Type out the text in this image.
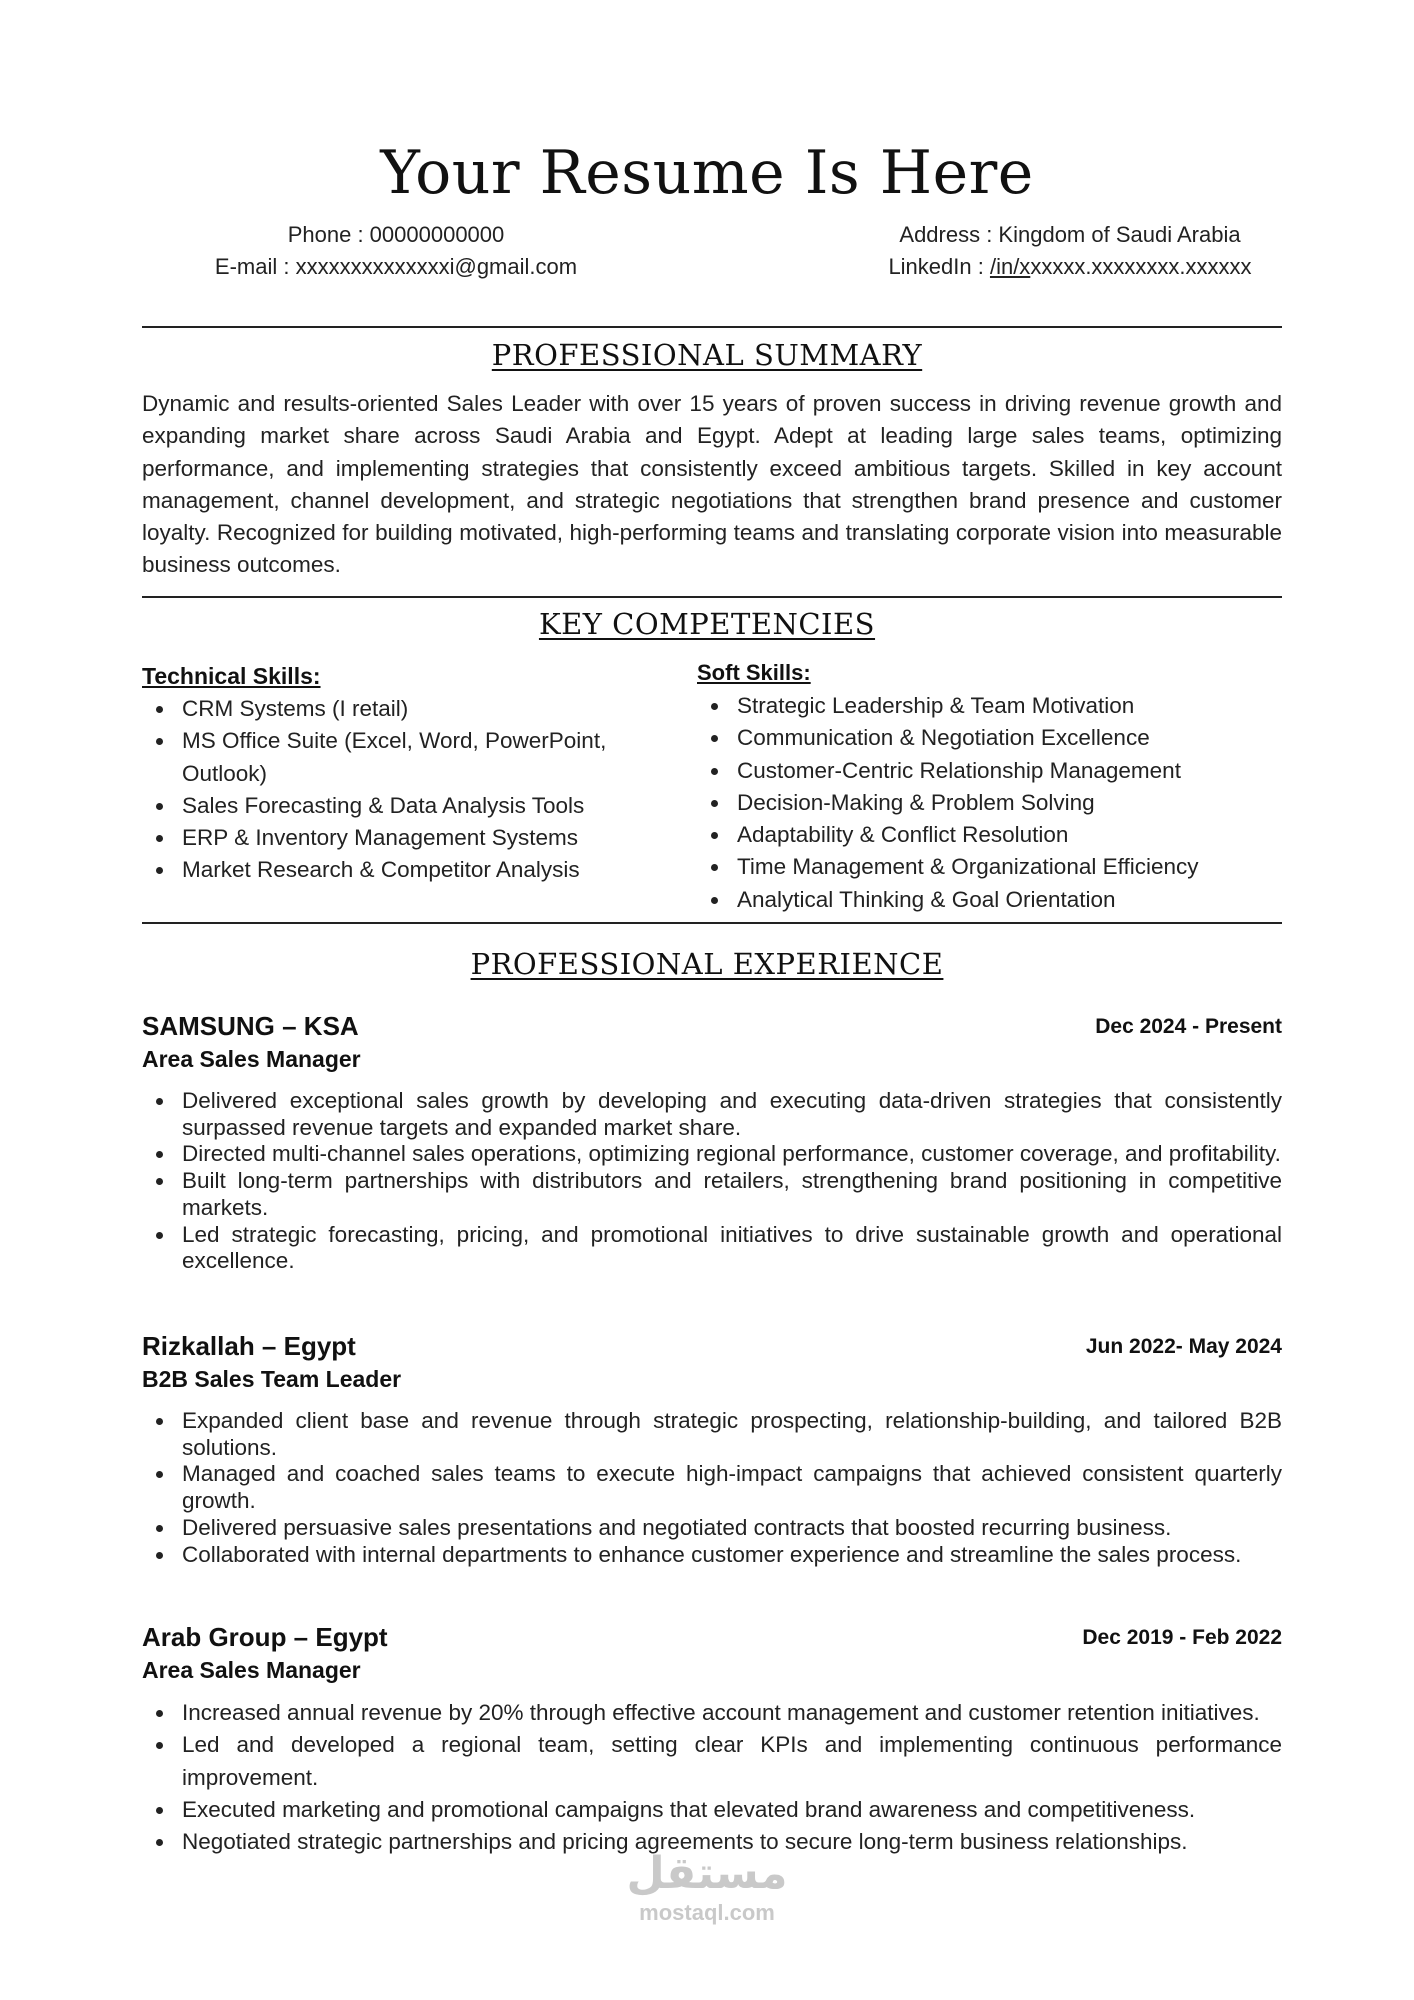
Your Resume Is Here
Phone : 00000000000
E-mail : xxxxxxxxxxxxxxi@gmail.com
Address : Kingdom of Saudi Arabia
LinkedIn : /in/xxxxxx.xxxxxxxx.xxxxxx
PROFESSIONAL SUMMARY

Dynamic and results-oriented Sales Leader with over 15 years of proven success in driving revenue growth and expanding market share across Saudi Arabia and Egypt. Adept at leading large sales teams, optimizing performance, and implementing strategies that consistently exceed ambitious targets. Skilled in key account management, channel development, and strategic negotiations that strengthen brand presence and customer loyalty. Recognized for building motivated, high-performing teams and translating corporate vision into measurable business outcomes.

KEY COMPETENCIES
Technical Skills:
CRM Systems (I retail)
MS Office Suite (Excel, Word, PowerPoint, Outlook)
Sales Forecasting & Data Analysis Tools
ERP & Inventory Management Systems
Market Research & Competitor Analysis
Soft Skills:
Strategic Leadership & Team Motivation
Communication & Negotiation Excellence
Customer-Centric Relationship Management
Decision-Making & Problem Solving
Adaptability & Conflict Resolution
Time Management & Organizational Efficiency
Analytical Thinking & Goal Orientation
PROFESSIONAL EXPERIENCE
SAMSUNG – KSA	Dec 2024 - Present
Area Sales Manager
Delivered exceptional sales growth by developing and executing data-driven strategies that consistently surpassed revenue targets and expanded market share.
Directed multi-channel sales operations, optimizing regional performance, customer coverage, and profitability.
Built long-term partnerships with distributors and retailers, strengthening brand positioning in competitive markets.
Led strategic forecasting, pricing, and promotional initiatives to drive sustainable growth and operational excellence.
Rizkallah – Egypt	Jun 2022- May 2024
B2B Sales Team Leader
Expanded client base and revenue through strategic prospecting, relationship-building, and tailored B2B solutions.
Managed and coached sales teams to execute high-impact campaigns that achieved consistent quarterly growth.
Delivered persuasive sales presentations and negotiated contracts that boosted recurring business.
Collaborated with internal departments to enhance customer experience and streamline the sales process.
Arab Group – Egypt	Dec 2019 - Feb 2022
Area Sales Manager
Increased annual revenue by 20% through effective account management and customer retention initiatives.
Led and developed a regional team, setting clear KPIs and implementing continuous performance improvement.
Executed marketing and promotional campaigns that elevated brand awareness and competitiveness.
Negotiated strategic partnerships and pricing agreements to secure long-term business relationships.
مستقل
mostaql.com
